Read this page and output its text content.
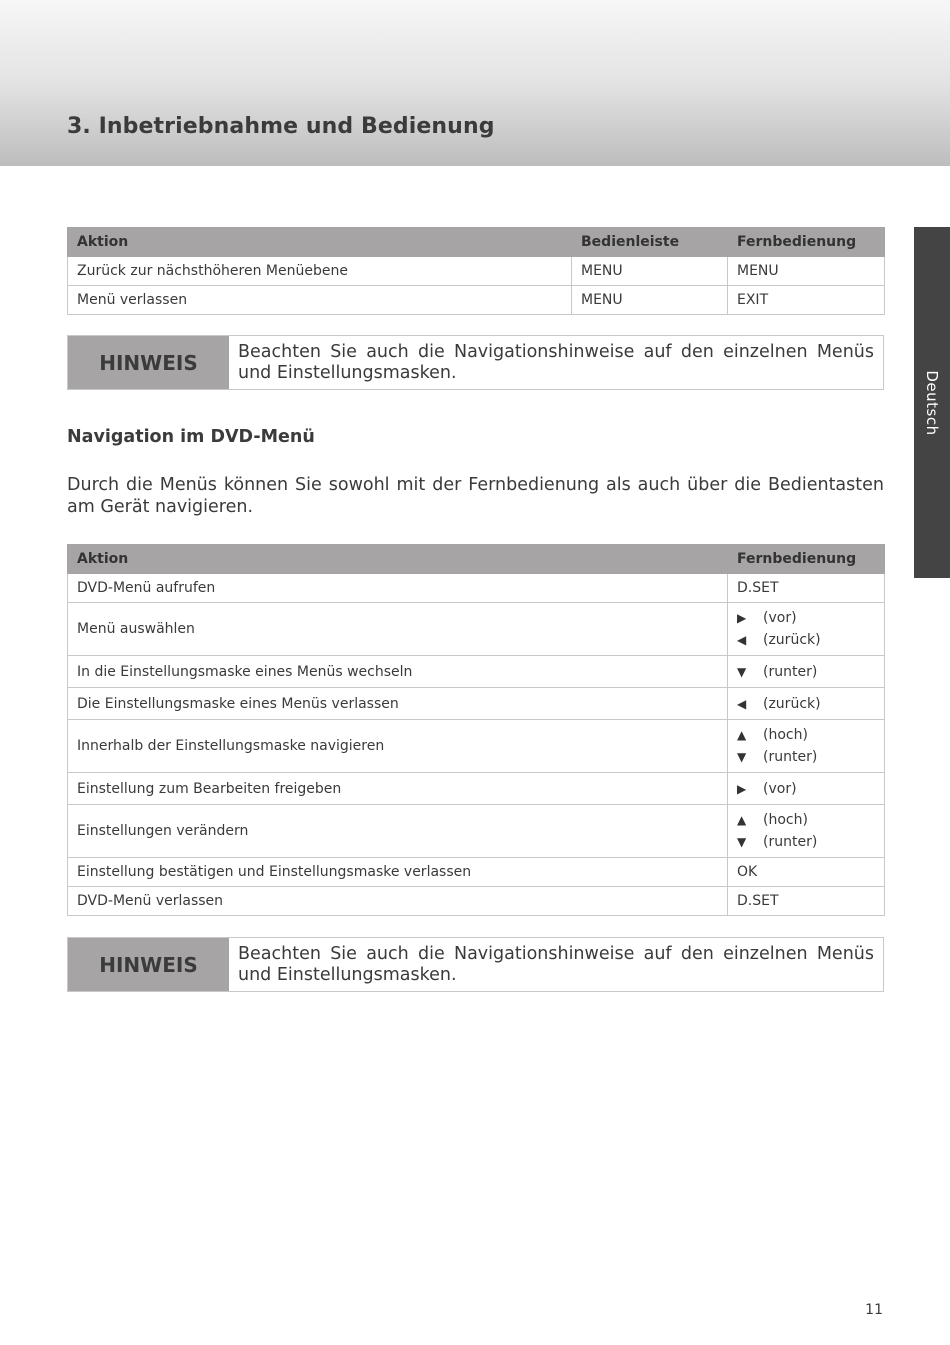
3. Inbetriebnahme und Bedienung
Deutsch
Aktion	Bedienleiste	Fernbedienung
Zurück zur nächsthöheren Menüebene	MENU	MENU
Menü verlassen	MENU	EXIT
HINWEIS	Beachten Sie auch die Navigationshinweise auf den einzelnen Menüs und Einstellungsmasken.
Navigation im DVD-Menü

Durch die Menüs können Sie sowohl mit der Fernbedienung als auch über die Bedientasten am Gerät navigieren.

Aktion	Fernbedienung
DVD-Menü aufrufen	D.SET
Menü auswählen	▶ (vor)
◀ (zurück)

In die Einstellungsmaske eines Menüs wechseln	▼ (runter)

Die Einstellungsmaske eines Menüs verlassen	◀ (zurück)

Innerhalb der Einstellungsmaske navigieren	▲ (hoch)
▼ (runter)

Einstellung zum Bearbeiten freigeben	▶ (vor)

Einstellungen verändern	▲ (hoch)
▼ (runter)

Einstellung bestätigen und Einstellungsmaske verlassen	OK
DVD-Menü verlassen	D.SET
HINWEIS	Beachten Sie auch die Navigationshinweise auf den einzelnen Menüs und Einstellungsmasken.
11
